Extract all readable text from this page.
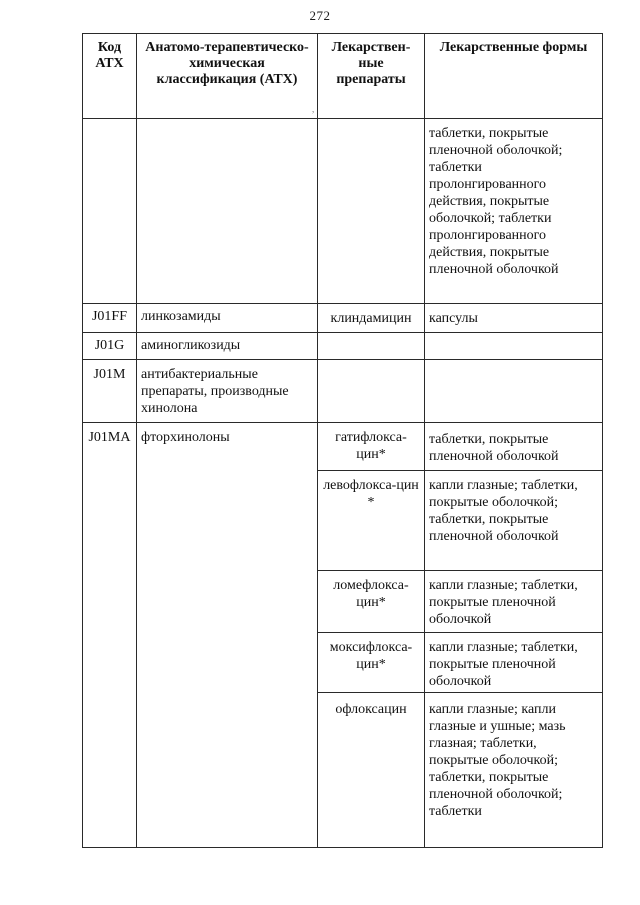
272
,
Код АТХ	Анатомо-терапевтическо-химическая классификация (АТХ)	Лекарствен-ные препараты	Лекарственные формы
			таблетки, покрытые пленочной оболочкой; таблетки пролонгированного действия, покрытые оболочкой; таблетки пролонгированного действия, покрытые пленочной оболочкой
J01FF	линкозамиды	клиндамицин	капсулы
J01G	аминогликозиды		
J01M	антибактериальные препараты, производные хинолона		
J01MA	фторхинолоны	гатифлокса-цин*	таблетки, покрытые пленочной оболочкой
		левофлокса-цин *	капли глазные; таблетки, покрытые оболочкой; таблетки, покрытые пленочной оболочкой
		ломефлокса-цин*	капли глазные; таблетки, покрытые пленочной оболочкой
		моксифлокса-цин*	капли глазные; таблетки, покрытые пленочной оболочкой
		офлоксацин	капли глазные; капли глазные и ушные; мазь глазная; таблетки, покрытые оболочкой; таблетки, покрытые пленочной оболочкой; таблетки
